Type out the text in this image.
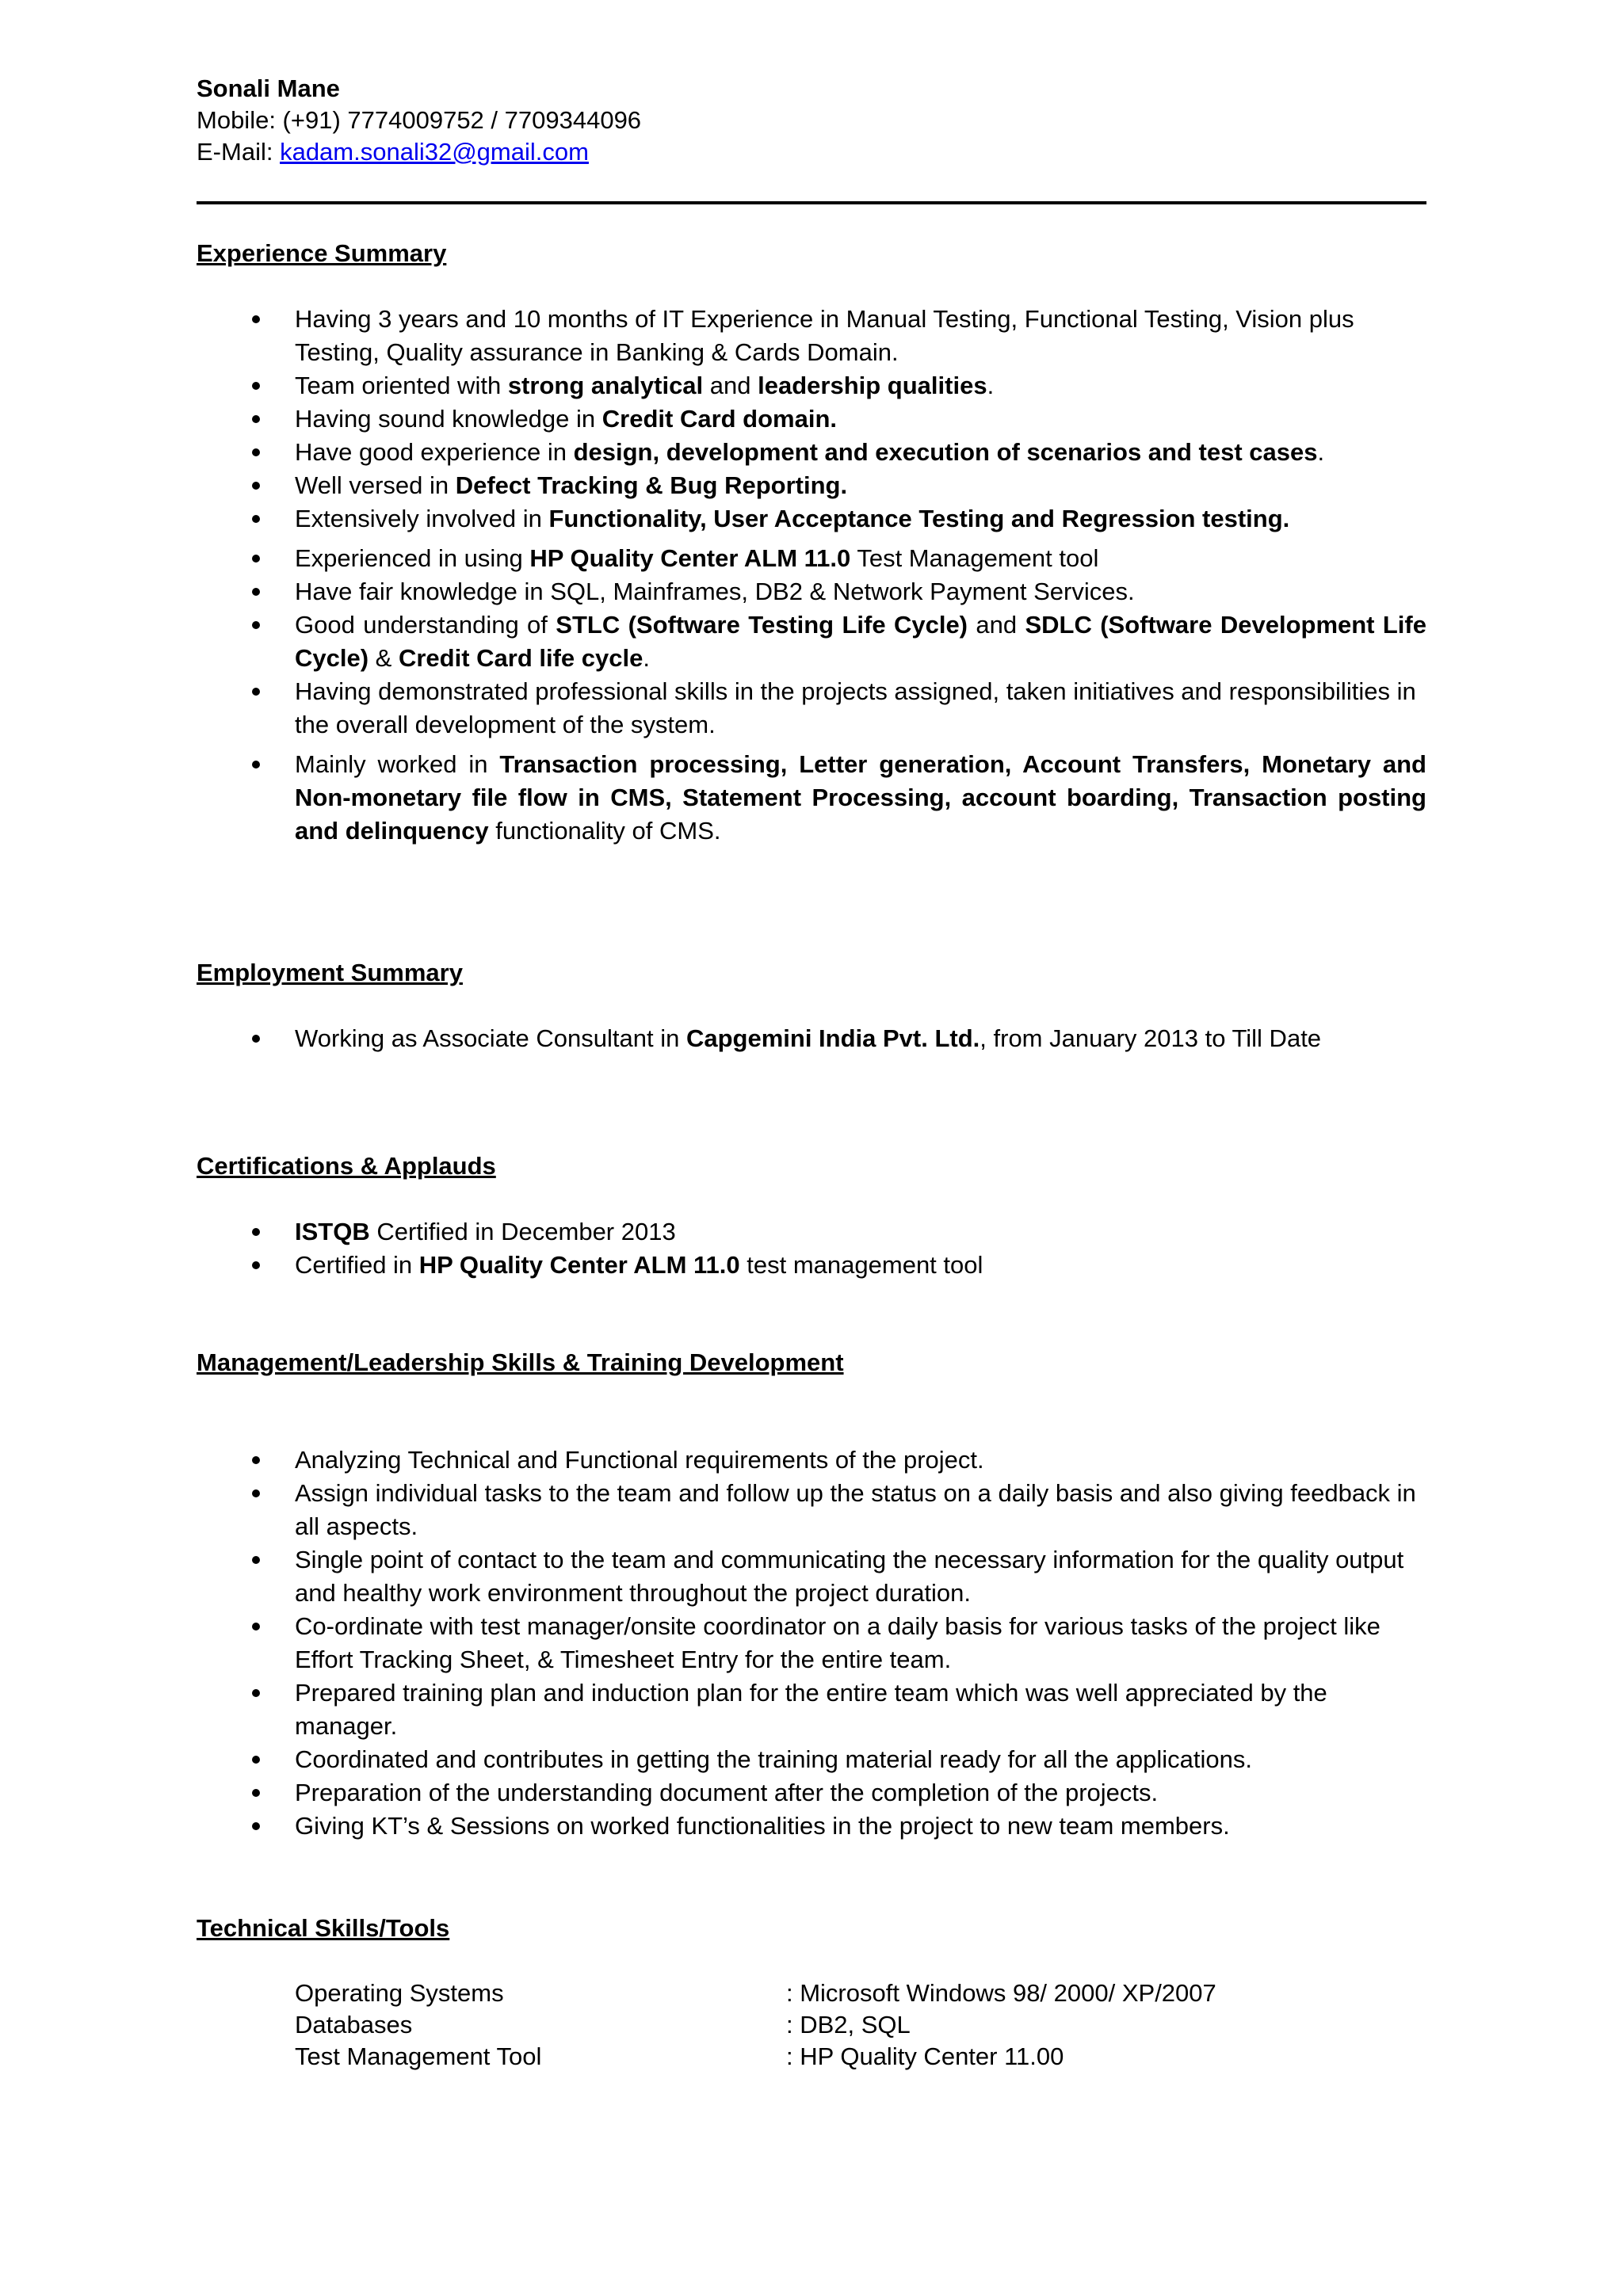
Sonali Mane
Mobile: (+91) 7774009752 / 7709344096
E-Mail: kadam.sonali32@gmail.com
Experience Summary
Having 3 years and 10 months of IT Experience in Manual Testing, Functional Testing, Vision plus Testing, Quality assurance in Banking & Cards Domain.
Team oriented with strong analytical and leadership qualities.
Having sound knowledge in Credit Card domain.
Have good experience in design, development and execution of scenarios and test cases.
Well versed in Defect Tracking & Bug Reporting.
Extensively involved in Functionality, User Acceptance Testing and Regression testing.
Experienced in using HP Quality Center ALM 11.0 Test Management tool
Have fair knowledge in SQL, Mainframes, DB2 & Network Payment Services.
Good understanding of STLC (Software Testing Life Cycle) and SDLC (Software Development Life Cycle) & Credit Card life cycle.
Having demonstrated professional skills in the projects assigned, taken initiatives and responsibilities in the overall development of the system.
Mainly worked in Transaction processing, Letter generation, Account Transfers, Monetary and Non-monetary file flow in CMS, Statement Processing, account boarding, Transaction posting and delinquency functionality of CMS.
Employment Summary
Working as Associate Consultant in Capgemini India Pvt. Ltd., from January 2013 to Till Date
Certifications & Applauds
ISTQB Certified in December 2013
Certified in HP Quality Center ALM 11.0 test management tool
Management/Leadership Skills & Training Development
Analyzing Technical and Functional requirements of the project.
Assign individual tasks to the team and follow up the status on a daily basis and also giving feedback in all aspects.
Single point of contact to the team and communicating the necessary information for the quality output and healthy work environment throughout the project duration.
Co-ordinate with test manager/onsite coordinator on a daily basis for various tasks of the project like Effort Tracking Sheet, & Timesheet Entry for the entire team.
Prepared training plan and induction plan for the entire team which was well appreciated by the manager.
Coordinated and contributes in getting the training material ready for all the applications.
Preparation of the understanding document after the completion of the projects.
Giving KT’s & Sessions on worked functionalities in the project to new team members.
Technical Skills/Tools
Operating Systems	: Microsoft Windows 98/ 2000/ XP/2007
Databases	: DB2, SQL
Test Management Tool	: HP Quality Center 11.00
